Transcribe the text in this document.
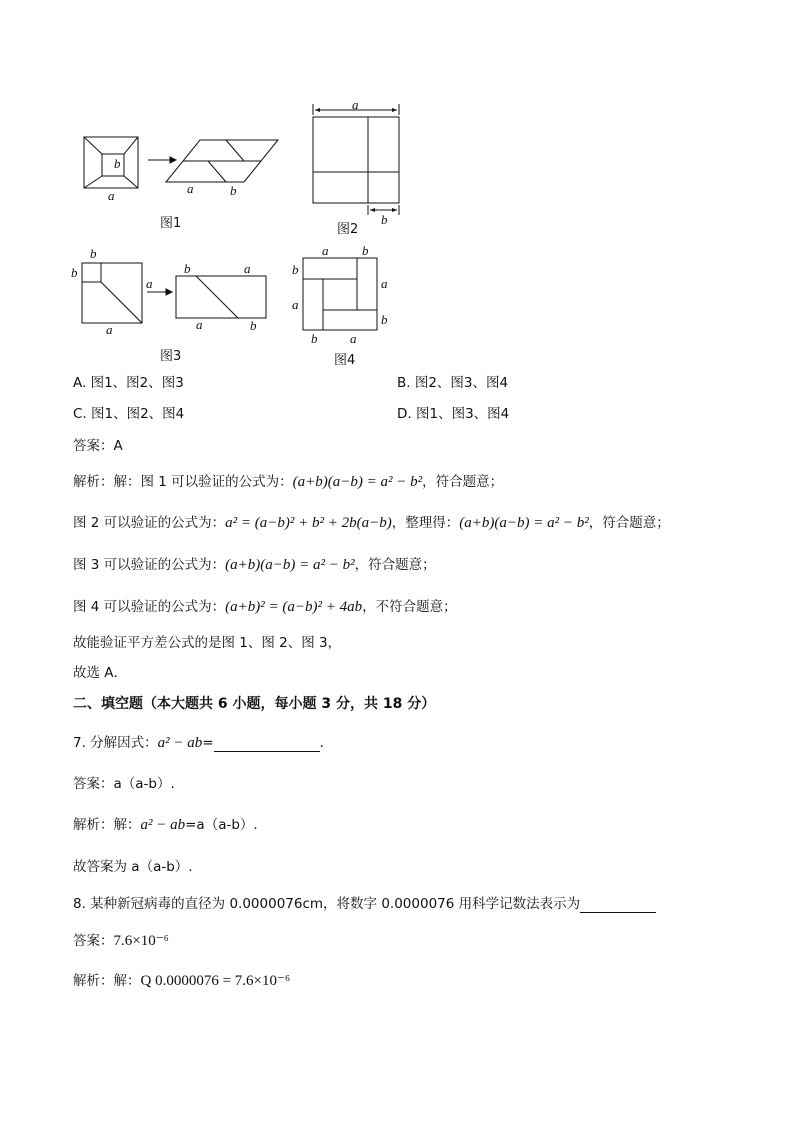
b
a	a	b
图1
a
b
图2
b
b
a
a
b	a
a	b
图3
a	b
b
a
a
b
b	a
图4
A. 图1、图2、图3	B. 图2、图3、图4
C. 图1、图2、图4	D. 图1、图3、图4
答案：A
解析：解：图 1 可以验证的公式为：(a+b)(a−b) = a² − b²，符合题意；
图 2 可以验证的公式为：a² = (a−b)² + b² + 2b(a−b)，整理得：(a+b)(a−b) = a² − b²，符合题意；
图 3 可以验证的公式为：(a+b)(a−b) = a² − b²，符合题意；
图 4 可以验证的公式为：(a+b)² = (a−b)² + 4ab，不符合题意；
故能验证平方差公式的是图 1、图 2、图 3，
故选 A．
二、填空题（本大题共 6 小题，每小题 3 分，共 18 分）
7. 分解因式：a² − ab=	．
答案：a（a-b）.
解析：解：a² − ab=a（a-b）.
故答案为 a（a-b）.
8. 某种新冠病毒的直径为 0.0000076cm，将数字 0.0000076 用科学记数法表示为
答案：7.6×10⁻⁶
解析：解：Q 0.0000076 = 7.6×10⁻⁶
